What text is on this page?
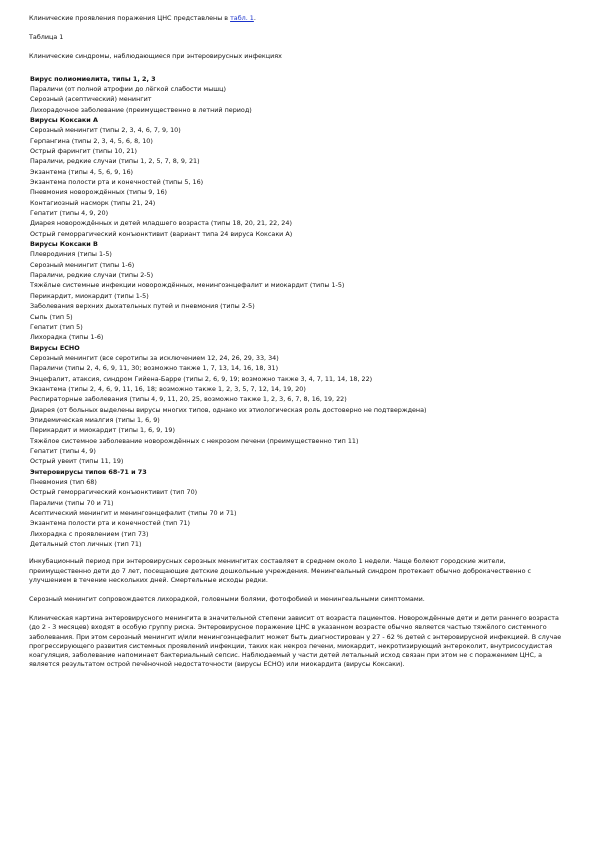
Клинические проявления поражения ЦНС представлены в табл. 1.

Таблица 1

Клинические синдромы, наблюдающиеся при энтеровирусных инфекциях

Вирус полиомиелита, типы 1, 2, 3

Параличи (от полной атрофии до лёгкой слабости мышц)

Серозный (асептический) менингит

Лихорадочное заболевание (преимущественно в летний период)

Вирусы Коксаки А

Серозный менингит (типы 2, 3, 4, 6, 7, 9, 10)

Герпангина (типы 2, 3, 4, 5, 6, 8, 10)

Острый фарингит (типы 10, 21)

Параличи, редкие случаи (типы 1, 2, 5, 7, 8, 9, 21)

Экзантема (типы 4, 5, 6, 9, 16)

Экзантема полости рта и конечностей (типы 5, 16)

Пневмония новорождённых (типы 9, 16)

Контагиозный насморк (типы 21, 24)

Гепатит (типы 4, 9, 20)

Диарея новорождённых и детей младшего возраста (типы 18, 20, 21, 22, 24)

Острый геморрагический конъюнктивит (вариант типа 24 вируса Коксаки А)

Вирусы Коксаки В

Плевродиния (типы 1-5)

Серозный менингит (типы 1-6)

Параличи, редкие случаи (типы 2-5)

Тяжёлые системные инфекции новорождённых, менингоэнцефалит и миокардит (типы 1-5)

Перикардит, миокардит (типы 1-5)

Заболевания верхних дыхательных путей и пневмония (типы 2-5)

Сыпь (тип 5)

Гепатит (тип 5)

Лихорадка (типы 1-6)

Вирусы ЕСНО

Серозный менингит (все серотипы за исключением 12, 24, 26, 29, 33, 34)

Параличи (типы 2, 4, 6, 9, 11, 30; возможно также 1, 7, 13, 14, 16, 18, 31)

Энцефалит, атаксия, синдром Гийена-Барре (типы 2, 6, 9, 19; возможно также 3, 4, 7, 11, 14, 18, 22)

Экзантема (типы 2, 4, 6, 9, 11, 16, 18; возможно также 1, 2, 3, 5, 7, 12, 14, 19, 20)

Респираторные заболевания (типы 4, 9, 11, 20, 25, возможно также 1, 2, 3, 6, 7, 8, 16, 19, 22)

Диарея (от больных выделены вирусы многих типов, однако их этиологическая роль достоверно не подтверждена)

Эпидемическая миалгия (типы 1, 6, 9)

Перикардит и миокардит (типы 1, 6, 9, 19)

Тяжёлое системное заболевание новорождённых с некрозом печени (преимущественно тип 11)

Гепатит (типы 4, 9)

Острый увеит (типы 11, 19)

Энтеровирусы типов 68-71 и 73

Пневмония (тип 68)

Острый геморрагический конъюнктивит (тип 70)

Параличи (типы 70 и 71)

Асептический менингит и менингоэнцефалит (типы 70 и 71)

Экзантема полости рта и конечностей (тип 71)

Лихорадка с проявлением (тип 73)

Детальный стоп личных (тип 71)

Инкубационный период при энтеровирусных серозных менингитах составляет в среднем около 1 недели. Чаще болеют городские жители, преимущественно дети до 7 лет, посещающие детские дошкольные учреждения. Менингеальный синдром протекает обычно доброкачественно с улучшением в течение нескольких дней. Смертельные исходы редки.

Серозный менингит сопровождается лихорадкой, головными болями, фотофобией и менингеальными симптомами.

Клиническая картина энтеровирусного менингита в значительной степени зависит от возраста пациентов. Новорождённые дети и дети раннего возраста (до 2 - 3 месяцев) входят в особую группу риска. Энтеровирусное поражение ЦНС в указанном возрасте обычно является частью тяжёлого системного заболевания. При этом серозный менингит и/или менингоэнцефалит может быть диагностирован у 27 - 62 % детей с энтеровирусной инфекцией. В случае прогрессирующего развития системных проявлений инфекции, таких как некроз печени, миокардит, некротизирующий энтероколит, внутрисосудистая коагуляция, заболевание напоминает бактериальный сепсис. Наблюдаемый у части детей летальный исход связан при этом не с поражением ЦНС, а является результатом острой печёночной недостаточности (вирусы ЕСНО) или миокардита (вирусы Коксаки).
